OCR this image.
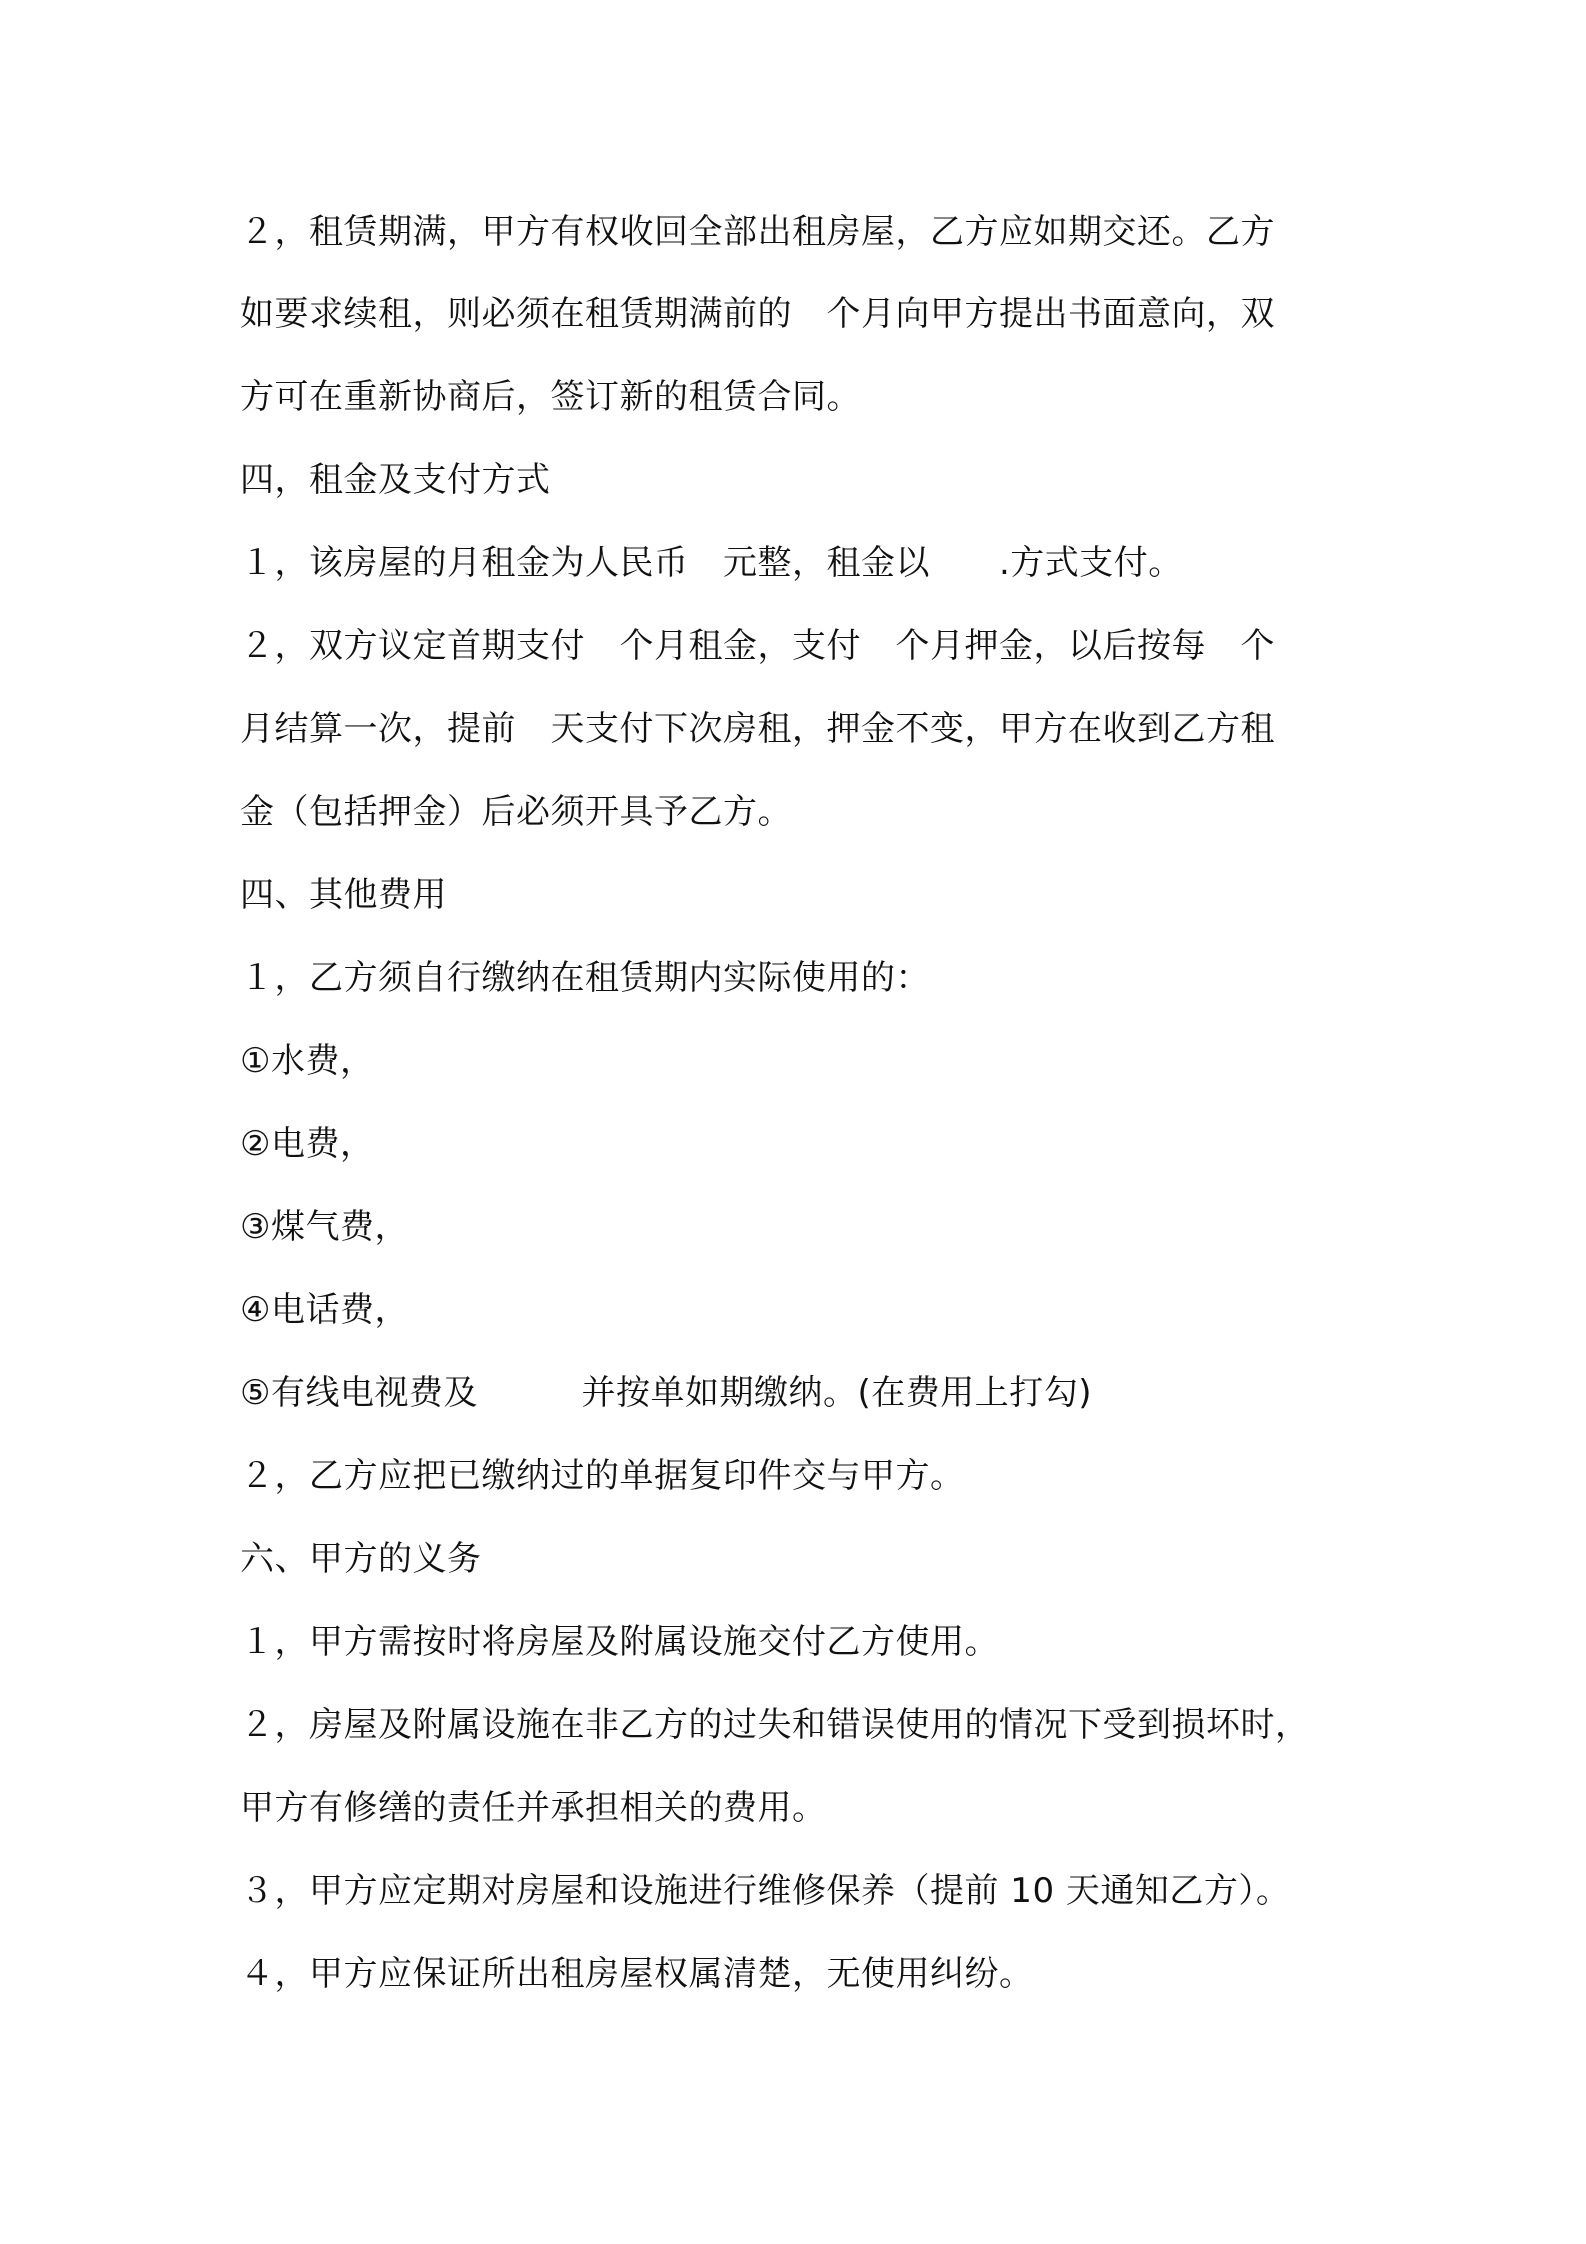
２，租赁期满，甲方有权收回全部出租房屋，乙方应如期交还。乙方
如要求续租，则必须在租赁期满前的　个月向甲方提出书面意向，双
方可在重新协商后，签订新的租赁合同。
四，租金及支付方式
１，该房屋的月租金为人民币　元整，租金以　　.方式支付。
２，双方议定首期支付　个月租金，支付　个月押金，以后按每　个
月结算一次，提前　天支付下次房租，押金不变，甲方在收到乙方租
金（包括押金）后必须开具予乙方。
四、其他费用
１，乙方须自行缴纳在租赁期内实际使用的：
①水费，
②电费，
③煤气费，
④电话费，
⑤有线电视费及　　　并按单如期缴纳。(在费用上打勾)
２，乙方应把已缴纳过的单据复印件交与甲方。
六、甲方的义务
１，甲方需按时将房屋及附属设施交付乙方使用。
２，房屋及附属设施在非乙方的过失和错误使用的情况下受到损坏时，
甲方有修缮的责任并承担相关的费用。
３，甲方应定期对房屋和设施进行维修保养（提前 10 天通知乙方）。
４，甲方应保证所出租房屋权属清楚，无使用纠纷。
